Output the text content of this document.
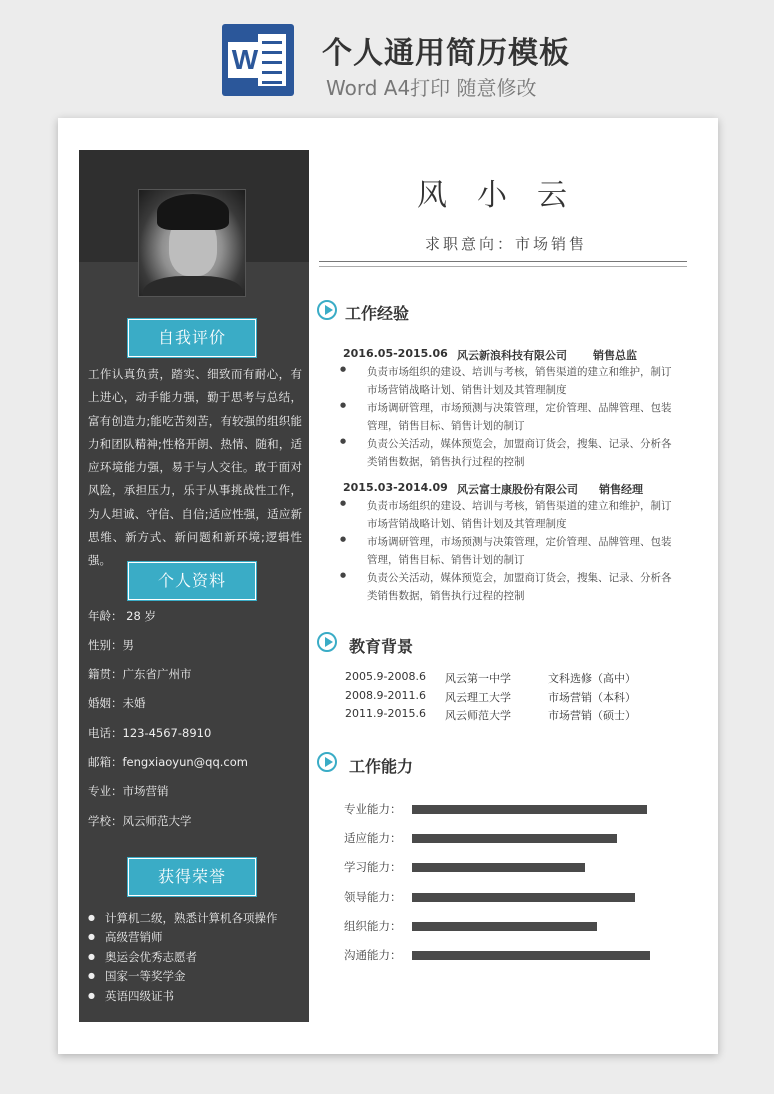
W 个人通用简历模板
Word A4打印 随意修改
自我评价
工作认真负责，踏实、细致而有耐心，有上进心，动手能力强，勤于思考与总结，富有创造力;能吃苦刻苦，有较强的组织能力和团队精神;性格开朗、热情、随和，适应环境能力强，易于与人交往。敢于面对风险，承担压力，乐于从事挑战性工作，为人坦诚、守信、自信;适应性强，适应新思维、新方式、新问题和新环境;逻辑性强。
个人资料
年龄： 28 岁
性别：男
籍贯：广东省广州市
婚姻：未婚
电话：123-4567-8910
邮箱：fengxiaoyun@qq.com
专业：市场营销
学校：风云师范大学
获得荣誉
● 计算机二级，熟悉计算机各项操作
● 高级营销师
● 奥运会优秀志愿者
● 国家一等奖学金
● 英语四级证书
风小云
求职意向：市场销售
工作经验
2016.05-2015.06 风云新浪科技有限公司 销售总监
● 负责市场组织的建设、培训与考核，销售渠道的建立和维护，制订市场营销战略计划、销售计划及其管理制度
● 市场调研管理，市场预测与决策管理，定价管理、品牌管理、包装管理，销售目标、销售计划的制订
● 负责公关活动，媒体预览会，加盟商订货会，搜集、记录、分析各类销售数据，销售执行过程的控制
2015.03-2014.09 风云富士康股份有限公司 销售经理
● 负责市场组织的建设、培训与考核，销售渠道的建立和维护，制订市场营销战略计划、销售计划及其管理制度
● 市场调研管理，市场预测与决策管理，定价管理、品牌管理、包装管理，销售目标、销售计划的制订
● 负责公关活动，媒体预览会，加盟商订货会，搜集、记录、分析各类销售数据，销售执行过程的控制
教育背景
2005.9-2008.6 风云第一中学	文科选修（高中）
2008.9-2011.6 风云理工大学	市场营销（本科）
2011.9-2015.6 风云师范大学	市场营销（硕士）
工作能力
专业能力：
适应能力：
学习能力：
领导能力：
组织能力：
沟通能力：
